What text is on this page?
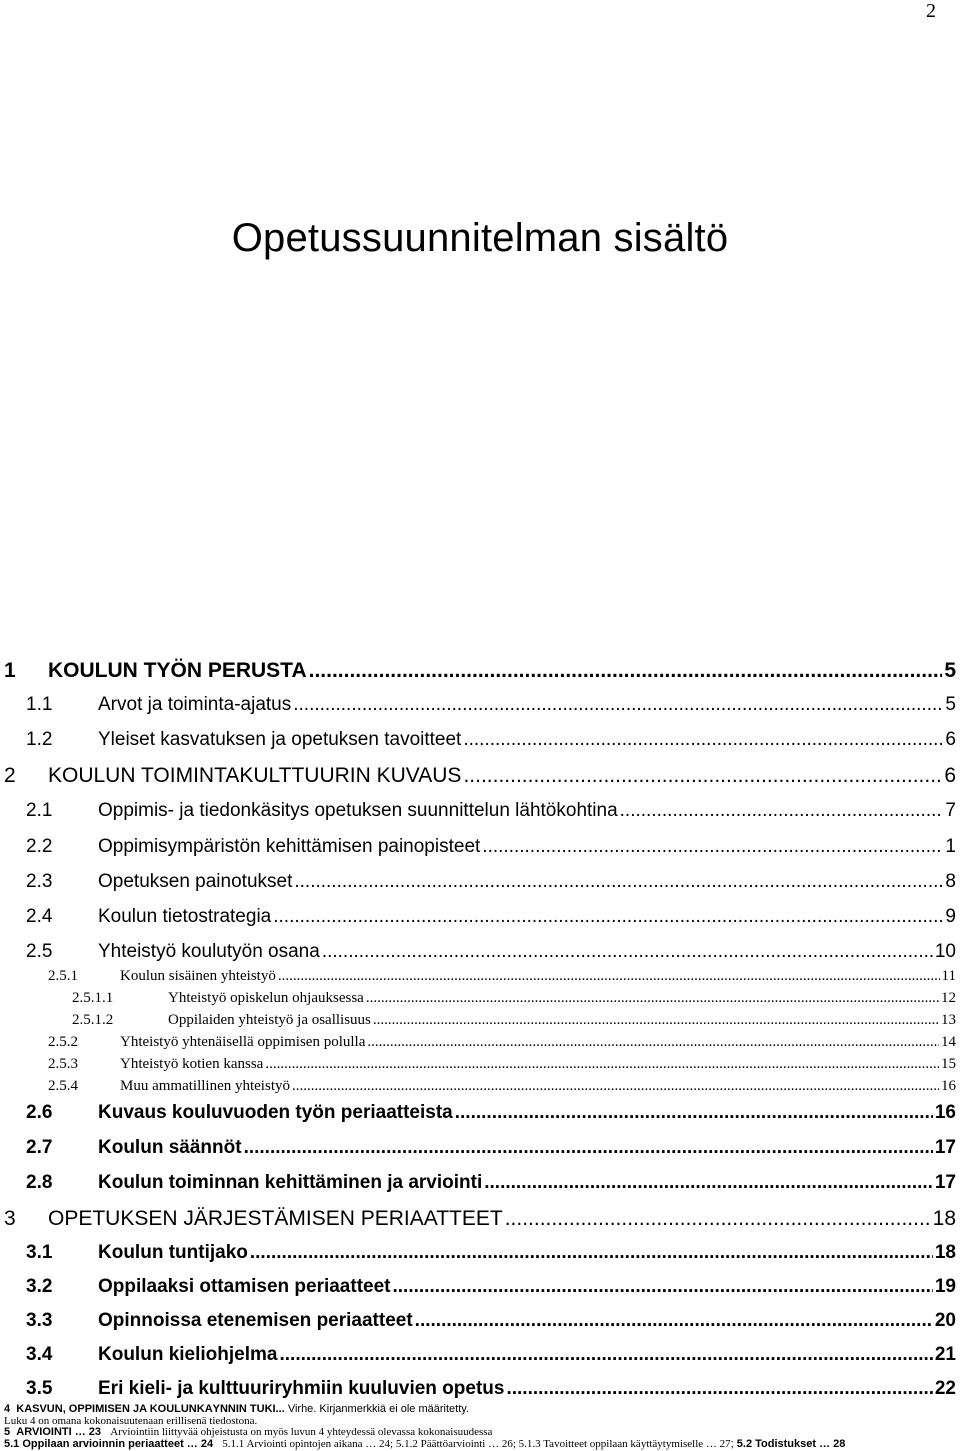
2
Opetussuunnitelman sisältö
1	KOULUN TYÖN PERUSTA .....	5
1.1	Arvot ja toiminta-ajatus .....	5
1.2	Yleiset kasvatuksen ja opetuksen tavoitteet .....	6
2	KOULUN TOIMINTAKULTTUURIN KUVAUS .....	6
2.1	Oppimis- ja tiedonkäsitys opetuksen suunnittelun lähtökohtina .....	7
2.2	Oppimisympäristön kehittämisen painopisteet .....	1
2.3	Opetuksen painotukset .....	8
2.4	Koulun tietostrategia .....	9
2.5	Yhteistyö koulutyön osana .....	10
2.5.1	Koulun sisäinen yhteistyö .....	11
2.5.1.1	Yhteistyö opiskelun ohjauksessa .....	12
2.5.1.2	Oppilaiden yhteistyö ja osallisuus .....	13
2.5.2	Yhteistyö yhtenäisellä oppimisen polulla .....	14
2.5.3	Yhteistyö kotien kanssa .....	15
2.5.4	Muu ammatillinen yhteistyö .....	16
2.6	Kuvaus kouluvuoden työn periaatteista .....	16
2.7	Koulun säännöt .....	17
2.8	Koulun toiminnan kehittäminen ja arviointi .....	17
3	OPETUKSEN JÄRJESTÄMISEN PERIAATTEET .....	18
3.1	Koulun tuntijako .....	18
3.2	Oppilaaksi ottamisen periaatteet .....	19
3.3	Opinnoissa etenemisen periaatteet .....	20
3.4	Koulun kieliohjelma .....	21
3.5	Eri kieli- ja kulttuuriryhmiin kuuluvien opetus .....	22
4 KASVUN, OPPIMISEN JA KOULUNKÄYNNIN TUKI... Virhe. Kirjanmerkkiä ei ole määritetty.
Luku 4 on omana kokonaisuutenaan erillisenä tiedostona.
5 ARVIOINTI … 23 Arviointiin liittyvää ohjeistusta on myös luvun 4 yhteydessä olevassa kokonaisuudessa
5.1 Oppilaan arvioinnin periaatteet … 24 5.1.1 Arviointi opintojen aikana … 24; 5.1.2 Päättöarviointi … 26; 5.1.3 Tavoitteet oppilaan käyttäytymiselle … 27; 5.2 Todistukset … 28
